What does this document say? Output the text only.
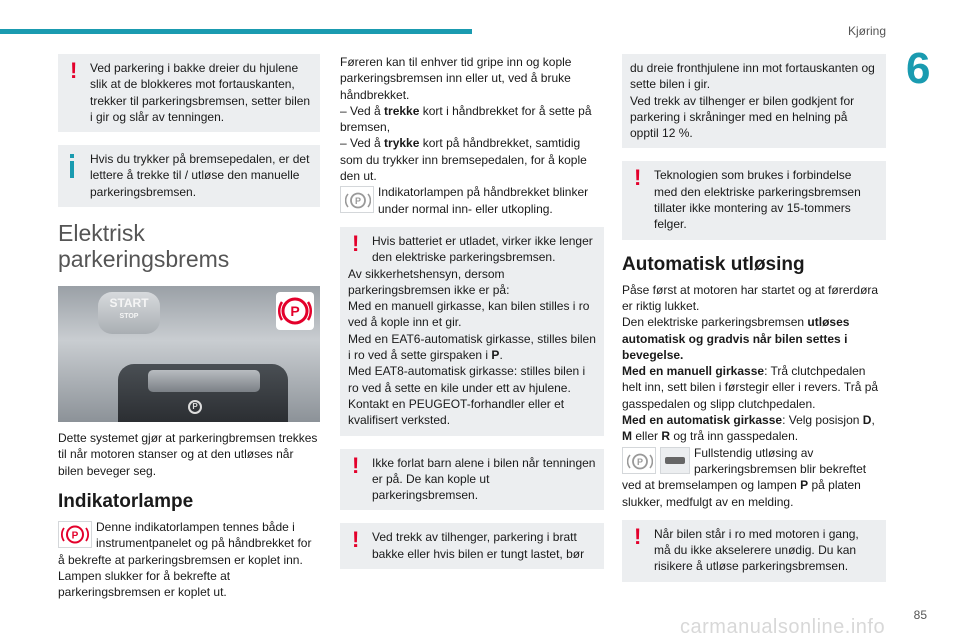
Kjøring
6
! Ved parkering i bakke dreier du hjulene slik at de blokkeres mot fortauskanten, trekker til parkeringsbremsen, setter bilen i gir og slår av tenningen.
Hvis du trykker på bremsepedalen, er det lettere å trekke til / utløse den manuelle parkeringsbremsen.
Elektrisk parkeringsbrems
START
STOP
P
P

Dette systemet gjør at parkeringbremsen trekkes til når motoren stanser og at den utløses når bilen beveger seg.

Indikatorlampe

P
Denne indikatorlampen tennes både i instrumentpanelet og på håndbrekket for å bekrefte at parkeringsbremsen er koplet inn.

Lampen slukker for å bekrefte at parkeringsbremsen er koplet ut.

Føreren kan til enhver tid gripe inn og kople parkeringsbremsen inn eller ut, ved å bruke håndbrekket.

– Ved å trekke kort i håndbrekket for å sette på bremsen,

– Ved å trykke kort på håndbrekket, samtidig som du trykker inn bremsepedalen, for å kople den ut.

P
Indikatorlampen på håndbrekket blinker under normal inn- eller utkopling.

! Hvis batteriet er utladet, virker ikke lenger den elektriske parkeringsbremsen.
Av sikkerhetshensyn, dersom parkeringsbremsen ikke er på:
Med en manuell girkasse, kan bilen stilles i ro ved å kople inn et gir.
Med en EAT6-automatisk girkasse, stilles bilen i ro ved å sette girspaken i P.
Med EAT8-automatisk girkasse: stilles bilen i ro ved å sette en kile under ett av hjulene.
Kontakt en PEUGEOT-forhandler eller et kvalifisert verksted.
! Ikke forlat barn alene i bilen når tenningen er på. De kan kople ut parkeringsbremsen.
! Ved trekk av tilhenger, parkering i bratt bakke eller hvis bilen er tungt lastet, bør
du dreie fronthjulene inn mot fortauskanten og sette bilen i gir.
Ved trekk av tilhenger er bilen godkjent for parkering i skråninger med en helning på opptil 12 %.
! Teknologien som brukes i forbindelse med den elektriske parkeringsbremsen tillater ikke montering av 15-tommers felger.
Automatisk utløsing

Påse først at motoren har startet og at førerdøra er riktig lukket.

Den elektriske parkeringsbremsen utløses automatisk og gradvis når bilen settes i bevegelse.

Med en manuell girkasse: Trå clutchpedalen helt inn, sett bilen i førstegir eller i revers. Trå på gasspedalen og slipp clutchpedalen.

Med en automatisk girkasse: Velg posisjon D, M eller R og trå inn gasspedalen.

P
Fullstendig utløsing av parkeringsbremsen blir bekreftet ved at bremselampen og lampen P på platen slukker, medfulgt av en melding.

! Når bilen står i ro med motoren i gang, må du ikke akselerere unødig. Du kan risikere å utløse parkeringsbremsen.
85
carmanualsonline.info
